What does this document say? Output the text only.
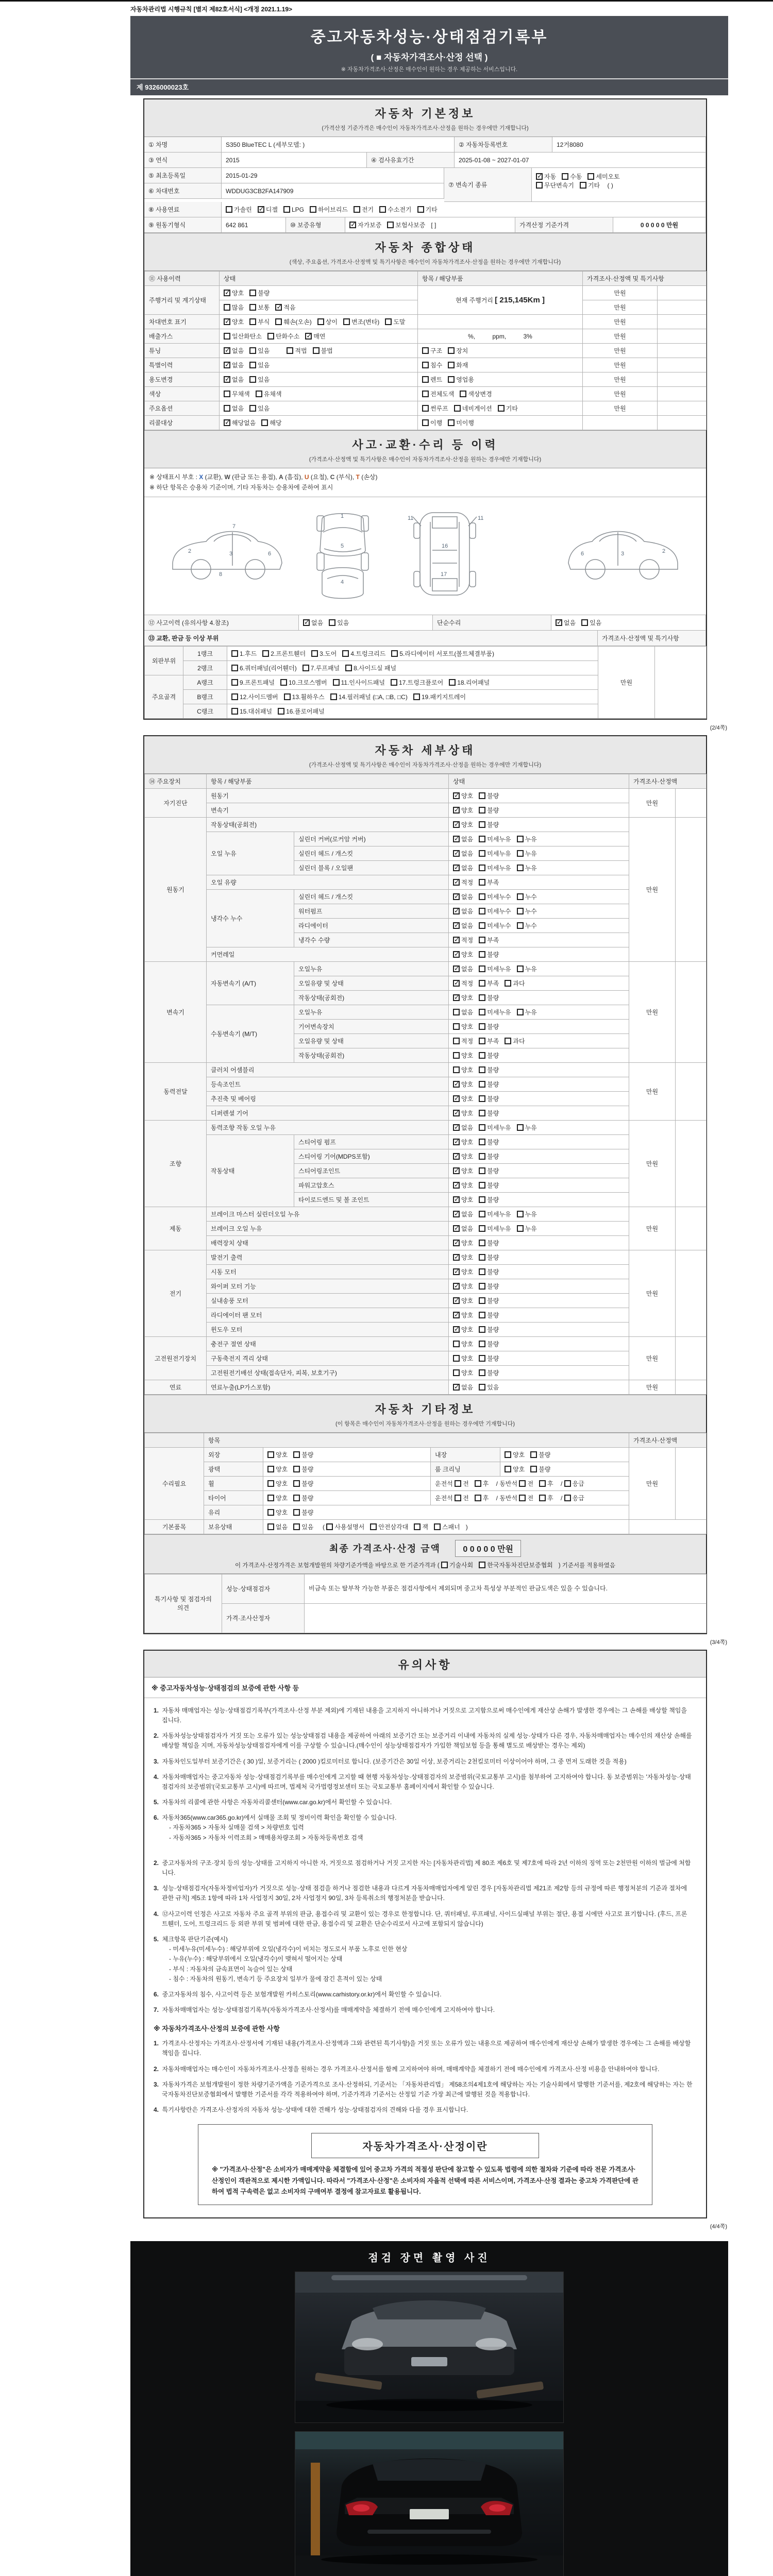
자동차관리법 시행규칙 [별지 제82호서식] <개정 2021.1.19>
중고자동차성능·상태점검기록부
( ■ 자동차가격조사·산정 선택 )
※ 자동차가격조사·산정은 매수인이 원하는 경우 제공하는 서비스입니다.
제 9326000023호
자동차 기본정보
(가격산정 기준가격은 매수인이 자동차가격조사·산정을 원하는 경우에만 기재합니다)
① 차명	S350 BlueTEC L (세부모델: )	② 자동차등록번호	12거8080
③ 연식	2015	④ 검사유효기간	2025-01-08 ~ 2027-01-07
⑤ 최초등록일	2015-01-29
⑥ 차대번호	WDDUG3CB2FA147909
⑦ 변속기 종류
✓자동 수동 세미오토
무단변속기 기타 ( )
⑧ 사용연료	가솔린 ✓	디젤	LPG	하이브리드	전기	수소전기	기타
⑨ 원동기형식	642 861	⑩ 보증유형 ✓	자가보증	보험사보증 [ ]	가격산정 기준가격	0 0 0 0 0 만원
자동차 종합상태
(색상, 주요옵션, 가격조사·산정액 및 특기사항은 매수인이 자동차가격조사·산정을 원하는 경우에만 기재합니다)
⑪ 사용이력	상태	항목 / 해당부품	가격조사·산정액 및 특기사항	
주행거리 및 계기상태	✓양호 불량	현재 주행거리 [ 215,145Km ]	만원	
	많음 보통 ✓ 적음		만원	
차대번호 표기	✓양호 부식 훼손(오손) 상이 변조(변타) 도말		만원	
배출가스	일산화탄소 탄화수소 ✓ 매연	%,          ppm,          3%	만원	
튜닝	✓없음 있음 적법 불법	구조 장치	만원	
특별이력	✓없음 있음	침수 화재	만원	
용도변경	✓없음 있음	렌트 영업용	만원	
색상	무채색 유채색	전체도색 색상변경	만원	
주요옵션	없음 있음	썬루프 네비게이션 기타	만원	
리콜대상	✓해당없음 해당	이행 미이행		
사고·교환·수리 등 이력
(가격조사·산정액 및 특기사항은 매수인이 자동차가격조사·산정을 원하는 경우에만 기재합니다)
※ 상태표시 부호 : X (교환), W (판금 또는 용접), A (흠집), U (요철), C (부식), T (손상)
※ 하단 항목은 승용차 기준이며, 기타 자동차는 승용차에 준하여 표시
2	3	6
7
8
1
5
4
11	11
16
17
2
3
6
⑫ 사고이력 (유의사항 4.참조) ✓	없음	있음	단순수리 ✓	없음	있음
⑬ 교환, 판금 등 이상 부위	가격조사·산정액 및 특기사항
외판부위	1랭크	1.후드 2.프론트휀더 3.도어 4.트렁크리드 5.라디에이터 서포트(볼트체결부품)	만원	
	2랭크	6.쿼터패널(리어휀더) 7.루프패널 8.사이드실 패널		
주요골격	A랭크	9.프론트패널 10.크로스멤버 11.인사이드패널 17.트렁크플로어 18.리어패널		
	B랭크	12.사이드멤버 13.휠하우스 14.필러패널 (□A, □B, □C) 19.패키지트레이		
	C랭크	15.대쉬패널 16.플로어패널		
(2/4쪽)
자동차 세부상태
(가격조사·산정액 및 특기사항은 매수인이 자동차가격조사·산정을 원하는 경우에만 기재합니다)
⑭ 주요장치	항목 / 해당부품		상태	가격조사·산정액	
자기진단	원동기	✓양호 불량	만원	
	변속기	✓양호 불량
원동기	작동상태(공회전)	✓양호 불량	만원	
	오일 누유	실린더 커버(로커암 커버)	✓없음 미세누유 누유
		실린더 헤드 / 개스킷	✓없음 미세누유 누유
		실린더 블록 / 오일팬	✓없음 미세누유 누유
	오일 유량	✓적정 부족
	냉각수 누수	실린더 헤드 / 개스킷	✓없음 미세누수 누수
		워터펌프	✓없음 미세누수 누수
		라디에이터	✓없음 미세누수 누수
		냉각수 수량	✓적정 부족
	커먼레일	✓양호 불량
변속기	자동변속기 (A/T)	오일누유	✓없음 미세누유 누유	만원	
		오일유량 및 상태	✓적정 부족 과다
		작동상태(공회전)	✓양호 불량
	수동변속기 (M/T)	오일누유	없음 미세누유 누유		
		기어변속장치	양호 불량		
		오일유량 및 상태	적정 부족 과다		
		작동상태(공회전)	양호 불량		
동력전달	클러치 어셈블리		양호 불량	만원	
	등속조인트	✓양호 불량
	추진축 및 베어링	✓양호 불량
	디퍼렌셜 기어	✓양호 불량
조향	동력조향 작동 오일 누유	✓없음 미세누유 누유	만원	
	작동상태	스티어링 펌프	✓양호 불량
		스티어링 기어(MDPS포함)	✓양호 불량
		스티어링조인트	✓양호 불량
		파워고압호스	✓양호 불량
		타이로드엔드 및 볼 조인트	✓양호 불량
제동	브레이크 마스터 실린더오일 누유	✓없음 미세누유 누유	만원	
	브레이크 오일 누유	✓없음 미세누유 누유
	배력장치 상태	✓양호 불량
전기	발전기 출력	✓양호 불량	만원	
	시동 모터	✓양호 불량
	와이퍼 모터 기능	✓양호 불량
	실내송풍 모터	✓양호 불량
	라디에이터 팬 모터	✓양호 불량
	윈도우 모터	✓양호 불량
고전원전기장치	충전구 절연 상태		양호 불량	만원	
	구동축전지 격리 상태		양호 불량		
	고전원전기배선 상태(접속단자, 피복, 보호기구)		양호 불량		
연료	연료누출(LP가스포함)	✓없음 있음	만원	
자동차 기타정보
(이 항목은 매수인이 자동차가격조사·산정을 원하는 경우에만 기재합니다)
	항목				가격조사·산정액	
수리필요	외장	양호 불량	내장	양호 불량	만원	
	광택	양호 불량	룸 크리닝	양호 불량		
	휠	양호 불량	운전석 전 후 / 동반석 전 후 / 응급			
	타이어	양호 불량	운전석 전 후 / 동반석 전 후 / 응급			
	유리	양호 불량				
기본품목	보유상태	없음 있음  ( 사용설명서 안전삼각대 잭 스패너 )				
최종 가격조사·산정 금액	0 0 0 0 0 만원
이 가격조사·산정가격은 보험개발원의 차량기준가액을 바탕으로 한 기준가격과 ( 기술사회 한국자동차진단보증협회 ) 기준서를 적용하였음
특기사항 및 점검자의 의견	성능·상태점검자	비금속 또는 탈부착 가능한 부품은 점검사항에서 제외되며 중고차 특성상 부분적인 판금도색은 있을 수 있습니다.
	가격·조사산정자	
(3/4쪽)
유의사항
※ 중고자동차성능·상태점검의 보증에 관한 사항 등
1.  자동차 매매업자는 성능·상태점검기록부(가격조사·산정 부분 제외)에 기재된 내용을 고지하지 아니하거나 거짓으로 고지함으로써 매수인에게 재산상 손해가 발생한 경우에는 그 손해를 배상할 책임을 집니다.
2.  자동차성능상태점검자가 거짓 또는 오류가 있는 성능상태점검 내용을 제공하여 아래의 보증기간 또는 보증거리 이내에 자동차의 실제 성능·상태가 다른 경우, 자동차매매업자는 매수인의 재산상 손해를 배상할 책임을 지며, 자동차성능상태점검자에게 이를 구상할 수 있습니다.(매수인이 성능상태점검자가 가입한 책임보험 등을 통해 별도로 배상받는 경우는 제외)
3.  자동차인도일부터 보증기간은 ( 30 )일, 보증거리는 ( 2000 )킬로미터로 합니다. (보증기간은 30일 이상, 보증거리는 2천킬로미터 이상이어야 하며, 그 중 먼저 도래한 것을 적용)
4.  자동차매매업자는 중고자동차 성능·상태점검기록부를 매수인에게 고지할 때 현행 자동차성능·상태점검자의 보증범위(국토교통부 고시)를 첨부하여 고지하여야 합니다. 동 보증범위는 '자동차성능·상태점검자의 보증범위'(국토교통부 고시)에 따르며, 법제처 국가법령정보센터 또는 국토교통부 홈페이지에서 확인할 수 있습니다.
5.  자동차의 리콜에 관한 사항은 자동차리콜센터(www.car.go.kr)에서 확인할 수 있습니다.
6.  자동차365(www.car365.go.kr)에서 실매물 조회 및 정비이력 확인을 확인할 수 있습니다.
- 자동차365 > 자동차 실매물 검색 > 차량번호 입력
- 자동차365 > 자동차 이력조회 > 매매용차량조회 > 자동차등록번호 검색
2.  중고자동차의 구조·장치 등의 성능·상태를 고지하지 아니한 자, 거짓으로 점검하거나 거짓 고지한 자는 [자동차관리법] 제 80조 제6호 및 제7호에 따라 2년 이하의 징역 또는 2천만원 이하의 벌금에 처합니다.
3.  성능·상태점검자(자동차정비업자)가 거짓으로 성능·상태 점검을 하거나 점검한 내용과 다르게 자동차매매업자에게 알린 경우 [자동차관리법 제21조 제2항 등의 규정에 따른 행정처분의 기준과 절차에 관한 규칙] 제5조 1항에 따라 1차 사업정지 30일, 2차 사업정지 90일, 3차 등록취소의 행정처분을 받습니다.
4.  ⑫사고이력 인정은 사고로 자동차 주요 골격 부위의 판금, 용접수리 및 교환이 있는 경우로 한정합니다. 단, 쿼터패널, 루프패널, 사이드실패널 부위는 절단, 용접 시에만 사고로 표기합니다. (후드, 프론트휀더, 도어, 트렁크리드 등 외판 부위 및 범퍼에 대한 판금, 용접수리 및 교환은 단순수리로서 사고에 포함되지 않습니다)
5.  체크항목 판단기준(예시)
- 미세누유(미세누수) : 해당부위에 오일(냉각수)이 비치는 정도로서 부품 노후로 인한 현상
- 누유(누수) : 해당부위에서 오일(냉각수)이 맺혀서 떨어지는 상태
- 부식 : 자동차의 금속표면이 녹슬어 있는 상태
- 침수 : 자동차의 원동기, 변속기 등 주요장치 일부가 물에 잠긴 흔적이 있는 상태
6.  중고자동차의 침수, 사고이력 등은 보험개발원 카히스토리(www.carhistory.or.kr)에서 확인할 수 있습니다.
7.  자동차매매업자는 성능·상태점검기록부(자동차가격조사·산정서)를 매매계약을 체결하기 전에 매수인에게 고지하여야 합니다.
※ 자동차가격조사·산정의 보증에 관한 사항
1.  가격조사·산정자는 가격조사·산정서에 기재된 내용(가격조사·산정액과 그와 관련된 특기사항)을 거짓 또는 오류가 있는 내용으로 제공하여 매수인에게 재산상 손해가 발생한 경우에는 그 손해를 배상할 책임을 집니다.
2.  자동차매매업자는 매수인이 자동차가격조사·산정을 원하는 경우 가격조사·산정서를 함께 고지하여야 하며, 매매계약을 체결하기 전에 매수인에게 가격조사·산정 비용을 안내하여야 합니다.
3.  자동차가격은 보험개발원이 정한 차량기준가액을 기준가격으로 조사·산정하되, 기준서는 「자동차관리법」 제58조의4제1호에 해당하는 자는 기술사회에서 발행한 기준서를, 제2호에 해당하는 자는 한국자동차진단보증협회에서 발행한 기준서를 각각 적용하여야 하며, 기준가격과 기준서는 산정일 기준 가장 최근에 발행된 것을 적용합니다.
4.  특기사항란은 가격조사·산정자의 자동차 성능·상태에 대한 견해가 성능·상태점검자의 견해와 다를 경우 표시합니다.
자동차가격조사·산정이란
※ "가격조사·산정"은 소비자가 매매계약을 체결함에 있어 중고차 가격의 적절성 판단에 참고할 수 있도록 법령에 의한 절차와 기준에 따라 전문 가격조사·산정인이 객관적으로 제시한 가액입니다. 따라서 "가격조사·산정"은 소비자의 자율적 선택에 따른 서비스이며, 가격조사·산정 결과는 중고차 가격판단에 관하여 법적 구속력은 없고 소비자의 구매여부 결정에 참고자료로 활용됩니다.
(4/4쪽)
점검 장면 촬영 사진
